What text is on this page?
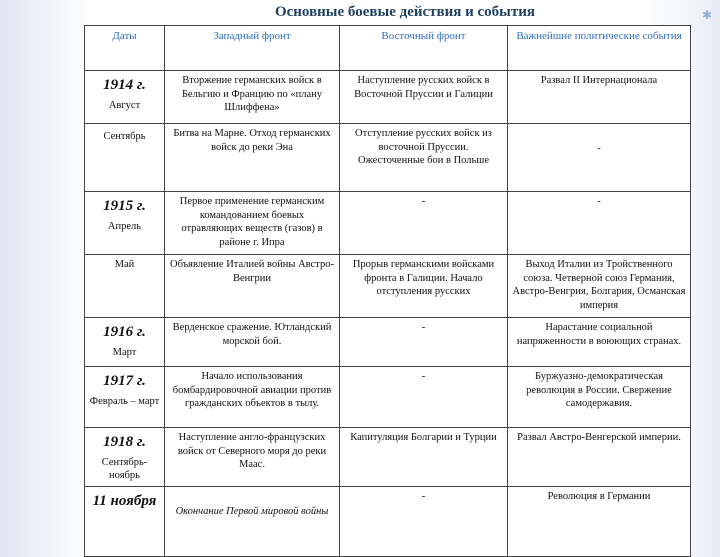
Основные боевые действия и события	✱
Даты	Западный фронт	Восточный фронт	Важнейшие политические события

1914 г.
Август	Вторжение германских войск в Бельгию и Францию по «плану Шлиффена»	Наступление русских войск в Восточной Пруссии и Галиции	Развал II Интернационала

Сентябрь	Битва на Марне. Отход германских войск до реки Эна	Отступление русских войск из восточной Пруссии. Ожесточенные бои в Польше	-

1915 г.
Апрель	Первое применение германским командованием боевых отравляющих веществ (газов) в районе г. Ипра	-	-
Май	Объявление Италией войны Австро-Венгрии	Прорыв германскими войсками фронта в Галиции. Начало отступления русских	Выход Италии из Тройственного союза. Четверной союз Германия, Австро-Венгрия, Болгария, Османская империя

1916 г.
Март	Верденское сражение. Ютландский морской бой.	-	Нарастание социальной напряженности в воюющих странах.

1917 г.
Февраль – март	Начало использования бомбардировочной авиации против гражданских объектов в тылу.	-	Буржуазно-демократическая революция в России. Свержение самодержавия.

1918 г.
Сентябрь-ноябрь	Наступление англо-французских войск от Северного моря до реки Маас.	Капитуляция Болгарии и Турции	Развал Австро-Венгерской империи.

11 ноября	Окончание Первой мировой войны	-	Революция в Германии
